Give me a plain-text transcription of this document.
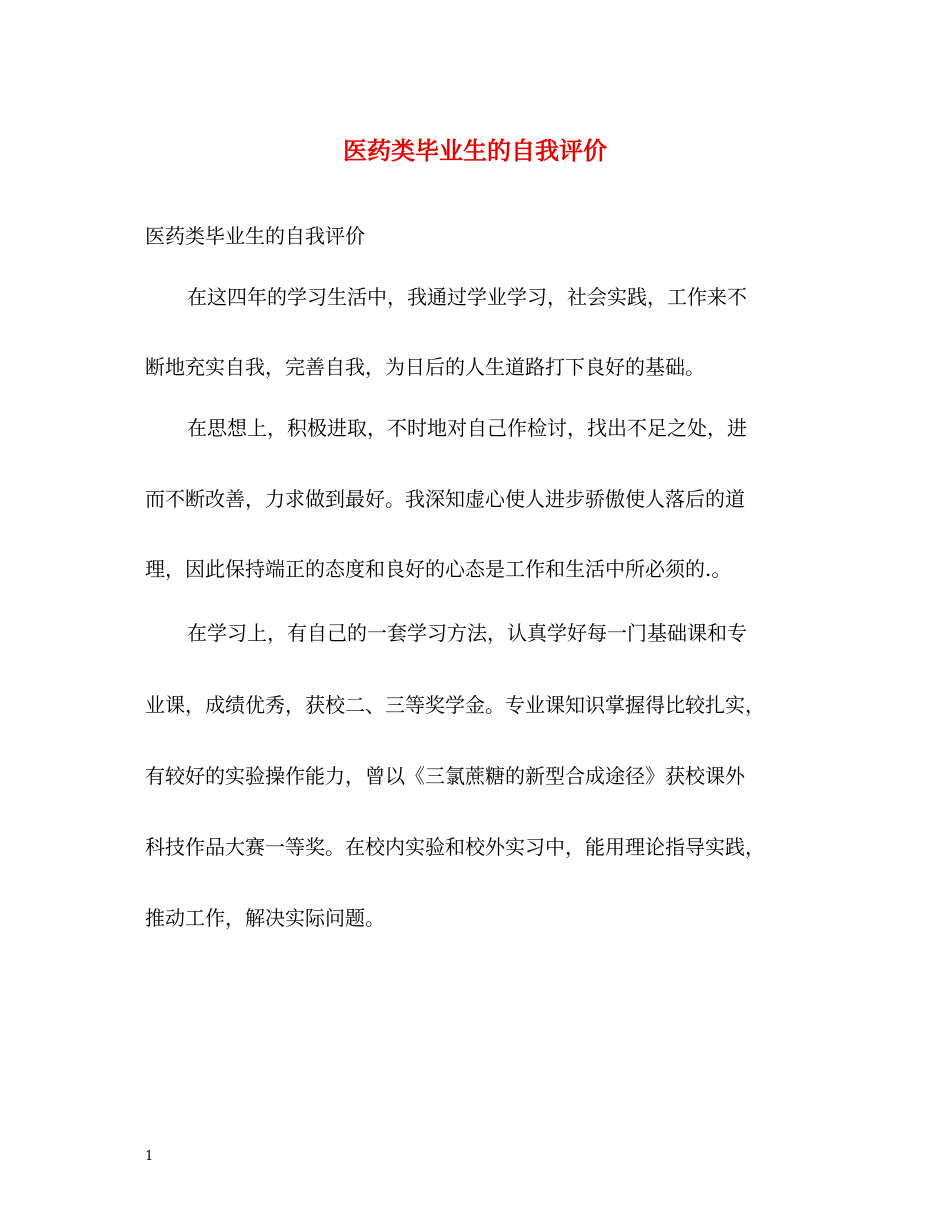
医药类毕业生的自我评价
医药类毕业生的自我评价
在这四年的学习生活中，我通过学业学习，社会实践，工作来不
断地充实自我，完善自我，为日后的人生道路打下良好的基础。
在思想上，积极进取，不时地对自己作检讨，找出不足之处，进
而不断改善，力求做到最好。我深知虚心使人进步骄傲使人落后的道
理，因此保持端正的态度和良好的心态是工作和生活中所必须的.。
在学习上，有自己的一套学习方法，认真学好每一门基础课和专
业课，成绩优秀，获校二、三等奖学金。专业课知识掌握得比较扎实，
有较好的实验操作能力，曾以《三氯蔗糖的新型合成途径》获校课外
科技作品大赛一等奖。在校内实验和校外实习中，能用理论指导实践，
推动工作，解决实际问题。
1
